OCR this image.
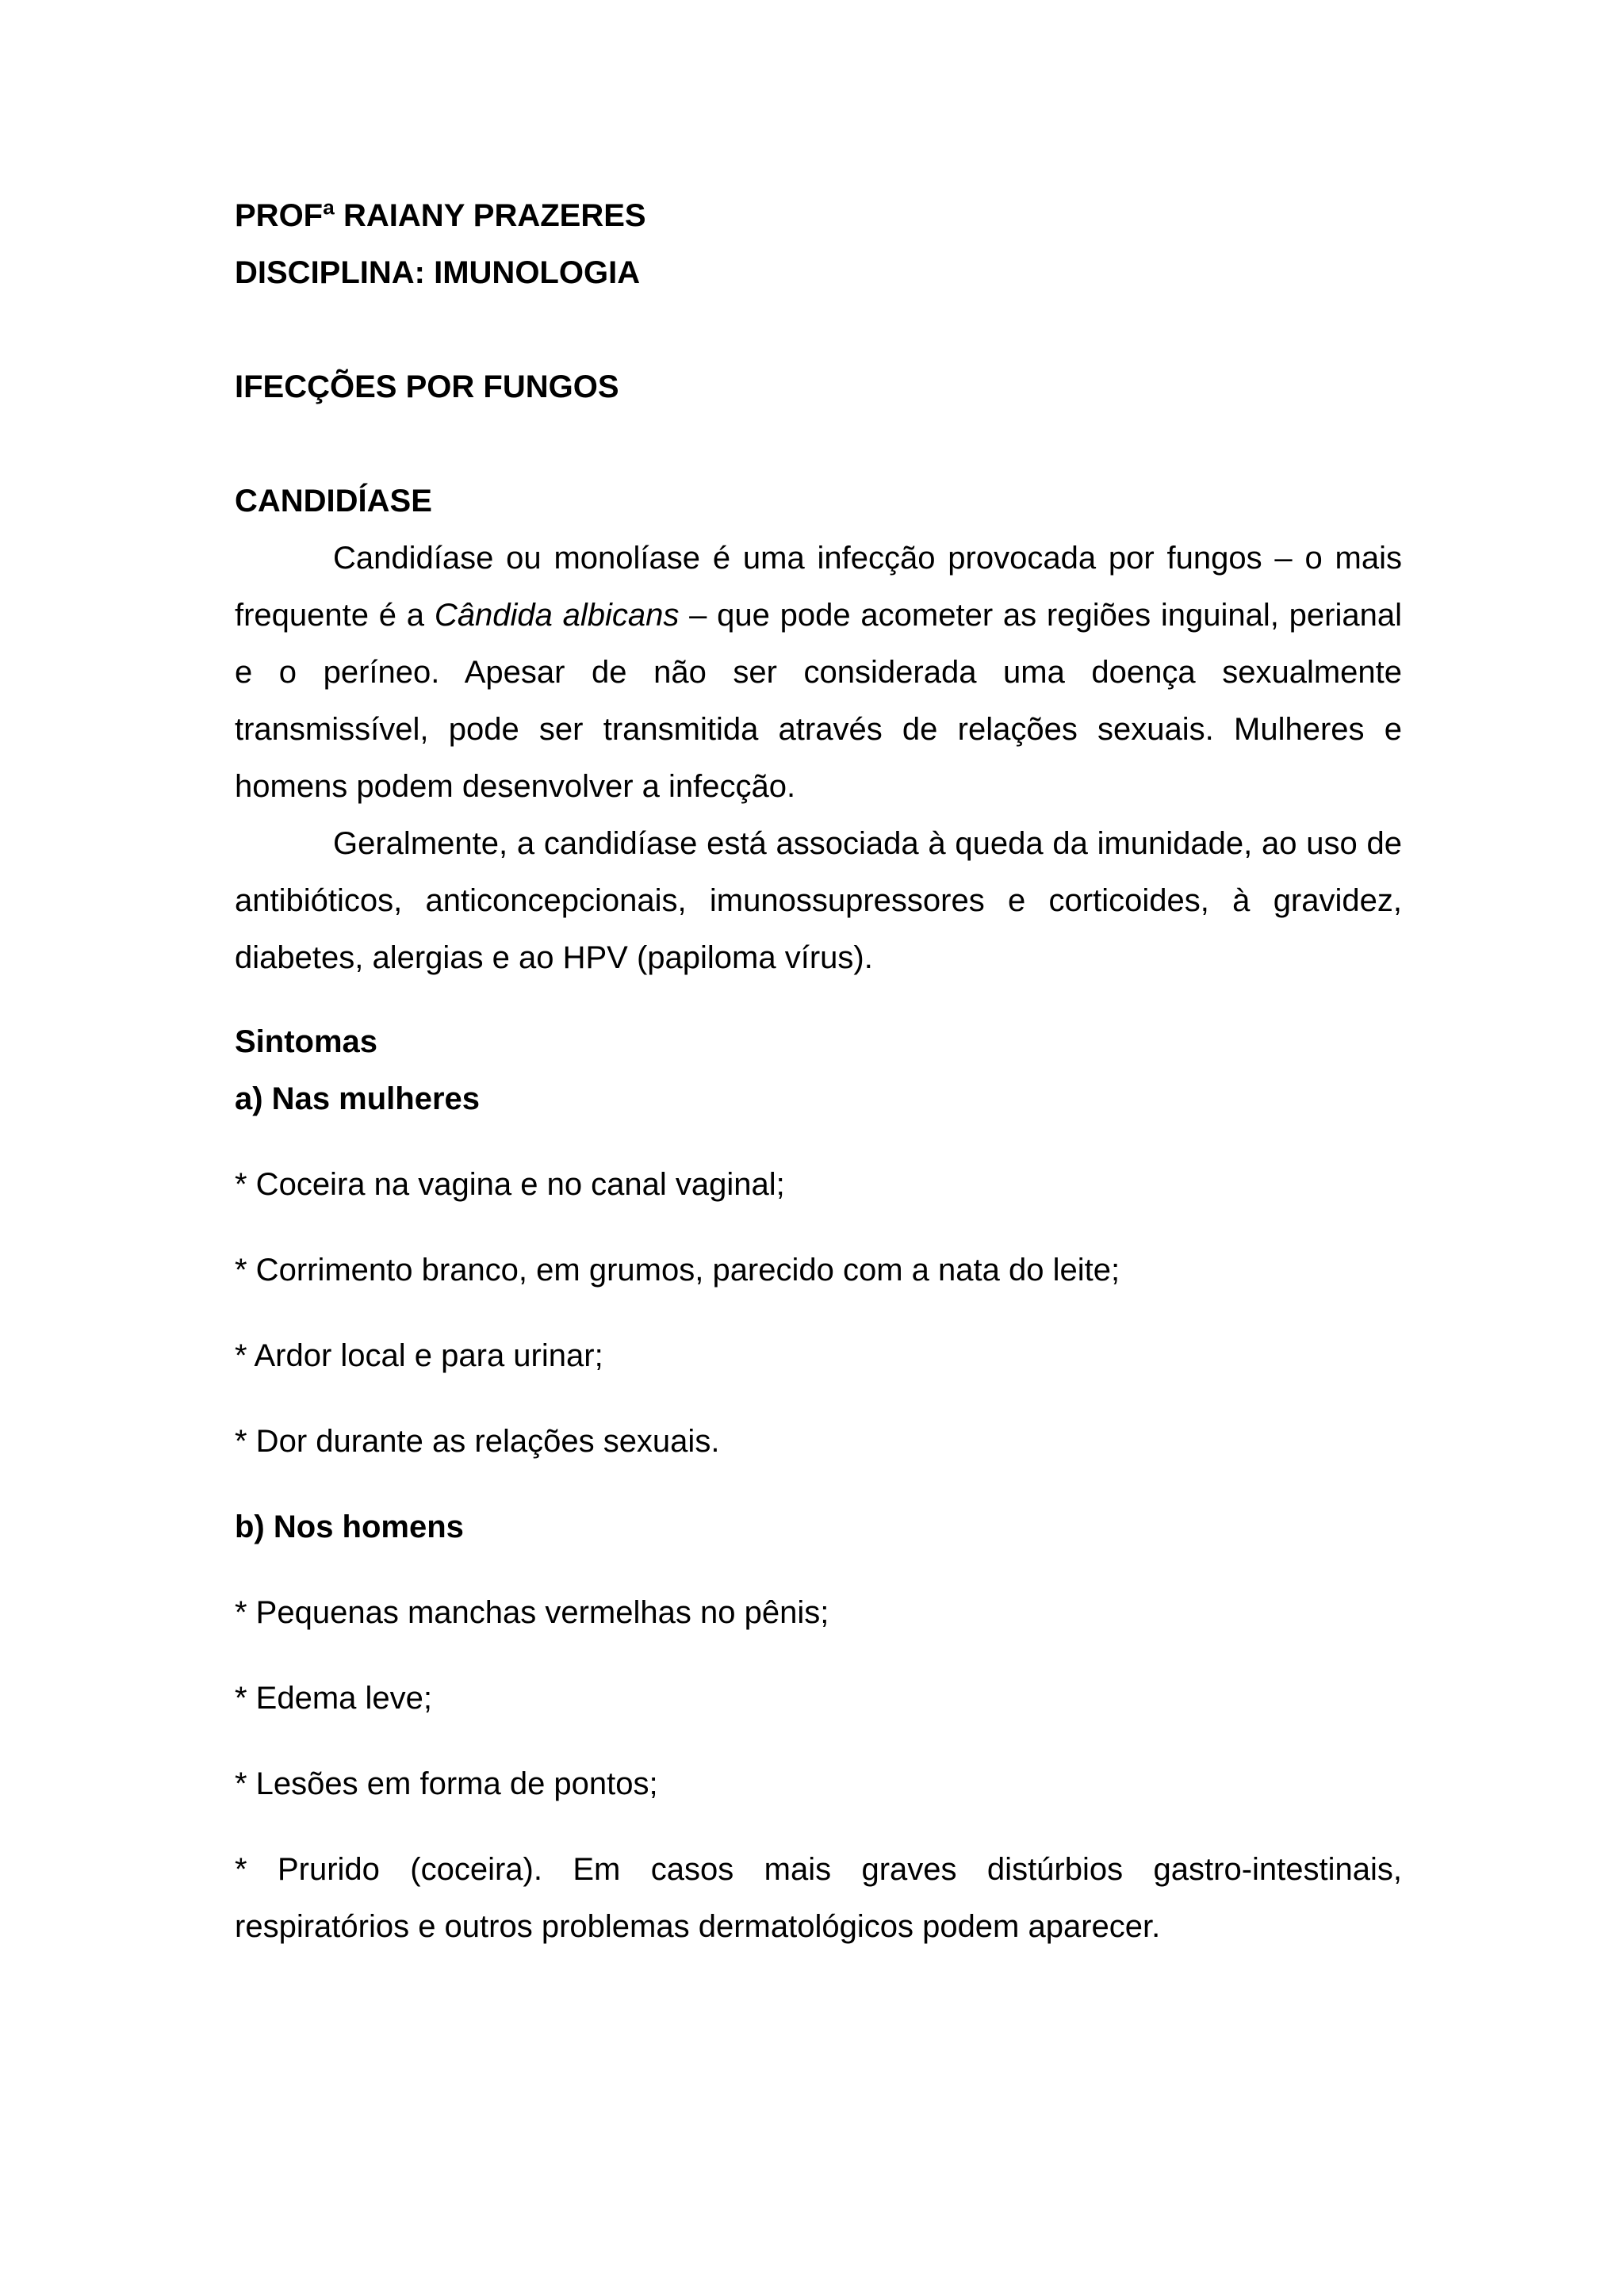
PROFª RAIANY PRAZERES

DISCIPLINA: IMUNOLOGIA

IFECÇÕES POR FUNGOS

CANDIDÍASE

Candidíase ou monolíase é uma infecção provocada por fungos – o mais frequente é a Cândida albicans – que pode acometer as regiões inguinal, perianal e o períneo. Apesar de não ser considerada uma doença sexualmente transmissível, pode ser transmitida através de relações sexuais. Mulheres e homens podem desenvolver a infecção.

Geralmente, a candidíase está associada à queda da imunidade, ao uso de antibióticos, anticoncepcionais, imunossupressores e corticoides, à gravidez, diabetes, alergias e ao HPV (papiloma vírus).

Sintomas

a) Nas mulheres

* Coceira na vagina e no canal vaginal;

* Corrimento branco, em grumos, parecido com a nata do leite;

* Ardor local e para urinar;

* Dor durante as relações sexuais.

b) Nos homens

* Pequenas manchas vermelhas no pênis;

* Edema leve;

* Lesões em forma de pontos;

* Prurido (coceira). Em casos mais graves distúrbios gastro-intestinais, respiratórios e outros problemas dermatológicos podem aparecer.
